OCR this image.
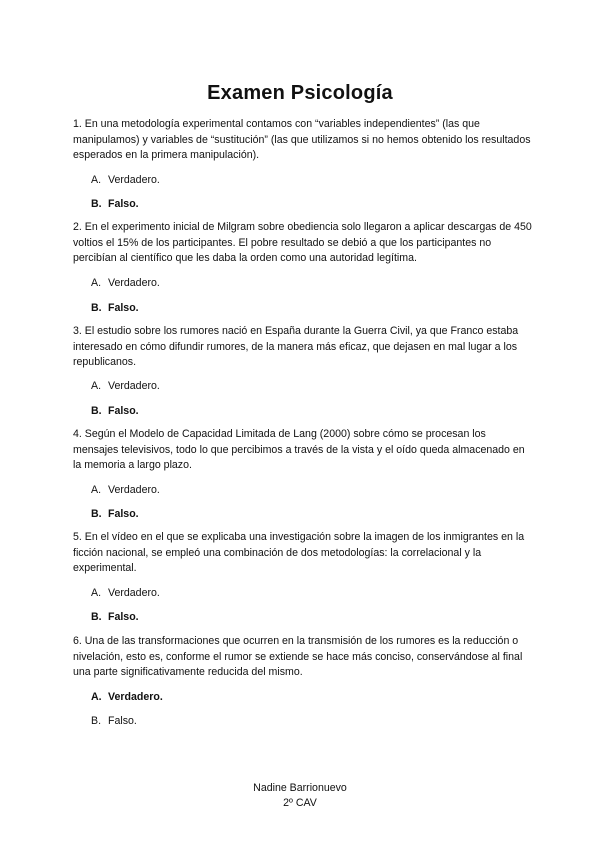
Examen Psicología
1. En una metodología experimental contamos con “variables independientes” (las que manipulamos) y variables de “sustitución” (las que utilizamos si no hemos obtenido los resultados esperados en la primera manipulación).
A. Verdadero.
B. Falso.
2. En el experimento inicial de Milgram sobre obediencia solo llegaron a aplicar descargas de 450 voltios el 15% de los participantes. El pobre resultado se debió a que los participantes no percibían al científico que les daba la orden como una autoridad legítima.
A. Verdadero.
B. Falso.
3. El estudio sobre los rumores nació en España durante la Guerra Civil, ya que Franco estaba interesado en cómo difundir rumores, de la manera más eficaz, que dejasen en mal lugar a los republicanos.
A. Verdadero.
B. Falso.
4. Según el Modelo de Capacidad Limitada de Lang (2000) sobre cómo se procesan los mensajes televisivos, todo lo que percibimos a través de la vista y el oído queda almacenado en la memoria a largo plazo.
A. Verdadero.
B. Falso.
5. En el vídeo en el que se explicaba una investigación sobre la imagen de los inmigrantes en la ficción nacional, se empleó una combinación de dos metodologías: la correlacional y la experimental.
A. Verdadero.
B. Falso.
6. Una de las transformaciones que ocurren en la transmisión de los rumores es la reducción o nivelación, esto es, conforme el rumor se extiende se hace más conciso, conservándose al final una parte significativamente reducida del mismo.
A. Verdadero.
B. Falso.
Nadine Barrionuevo
2º CAV
